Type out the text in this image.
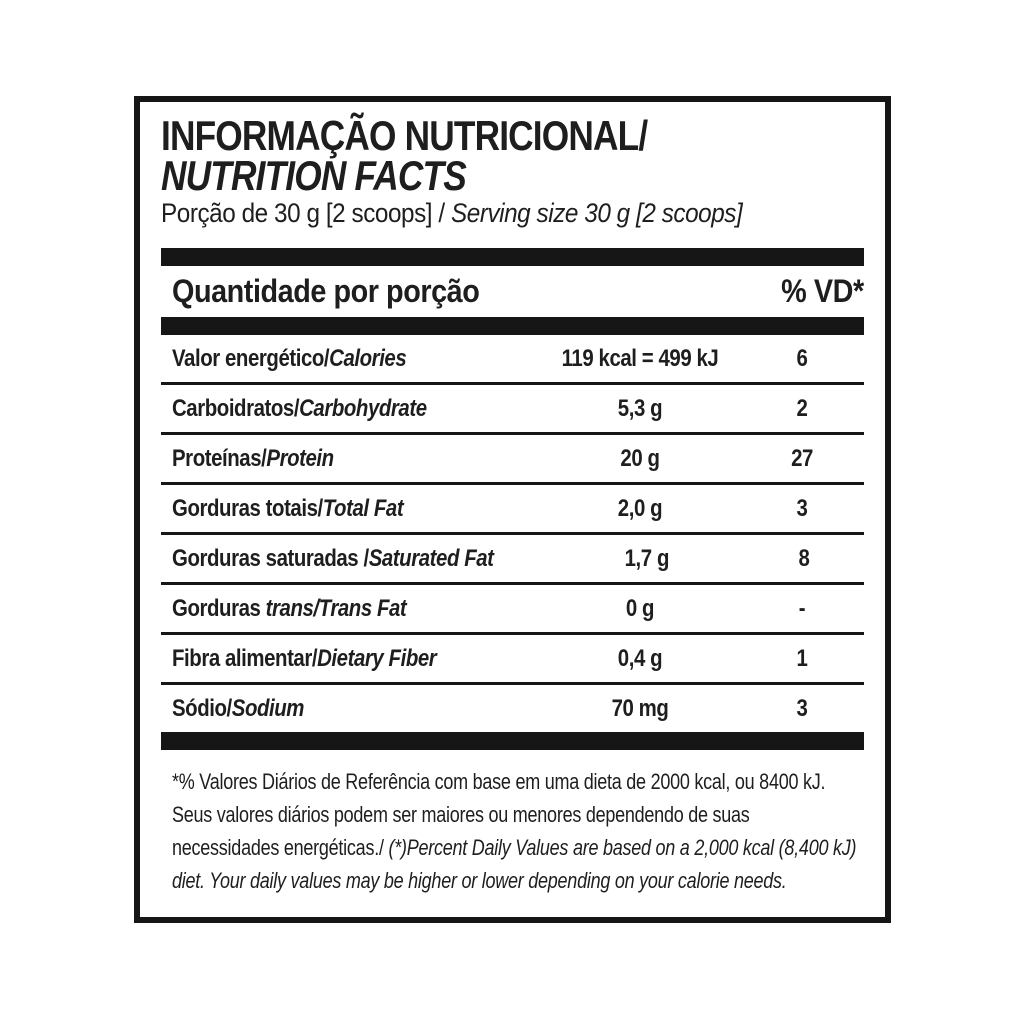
INFORMAÇÃO NUTRICIONAL/
NUTRITION FACTS

Porção de 30 g [2 scoops] / Serving size 30 g [2 scoops]

Quantidade por porção	% VD*
Valor energético/Calories	119 kcal = 499 kJ	6
Carboidratos/Carbohydrate	5,3 g	2
Proteínas/Protein	20 g	27
Gorduras totais/Total Fat	2,0 g	3
Gorduras saturadas /Saturated Fat	1,7 g	8
Gorduras trans/Trans Fat	0 g	-
Fibra alimentar/Dietary Fiber	0,4 g	1
Sódio/Sodium	70 mg	3

*% Valores Diários de Referência com base em uma dieta de 2000 kcal, ou 8400 kJ. Seus valores diários podem ser maiores ou menores dependendo de suas necessidades energéticas./ (*)Percent Daily Values are based on a 2,000 kcal (8,400 kJ) diet. Your daily values may be higher or lower depending on your calorie needs.
